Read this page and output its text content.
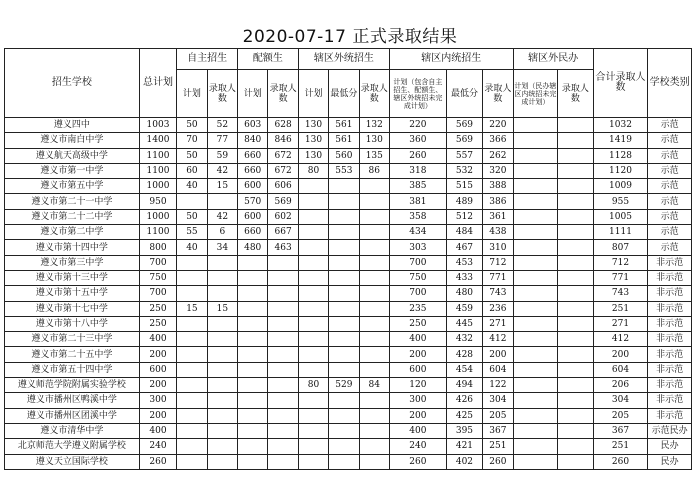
2020-07-17 正式录取结果
招生学校	总计划	自主招生		配额生		辖区外统招生			辖区内统招生			辖区外民办		合计录取人数	学校类别
		计划	录取人数	计划	录取人数	计划	最低分	录取人数	计划（包含自主招生、配额生、辖区外统招未完成计划）	最低分	录取人数	计划（民办辖区内统招未完成计划）	录取人数		
遵义四中	1003	50	52	603	628	130	561	132	220	569	220			1032	示范
遵义市南白中学	1400	70	77	840	846	130	561	130	360	569	366			1419	示范
遵义航天高级中学	1100	50	59	660	672	130	560	135	260	557	262			1128	示范
遵义市第一中学	1100	60	42	660	672	80	553	86	318	532	320			1120	示范
遵义市第五中学	1000	40	15	600	606				385	515	388			1009	示范
遵义市第二十一中学	950			570	569				381	489	386			955	示范
遵义市第二十二中学	1000	50	42	600	602				358	512	361			1005	示范
遵义市第二中学	1100	55	6	660	667				434	484	438			1111	示范
遵义市第十四中学	800	40	34	480	463				303	467	310			807	示范
遵义市第三中学	700								700	453	712			712	非示范
遵义市第十三中学	750								750	433	771			771	非示范
遵义市第十五中学	700								700	480	743			743	非示范
遵义市第十七中学	250	15	15						235	459	236			251	非示范
遵义市第十八中学	250								250	445	271			271	非示范
遵义市第二十三中学	400								400	432	412			412	非示范
遵义市第二十五中学	200								200	428	200			200	非示范
遵义市第五十四中学	600								600	454	604			604	非示范
遵义师范学院附属实验学校	200					80	529	84	120	494	122			206	非示范
遵义市播州区鸭溪中学	300								300	426	304			304	非示范
遵义市播州区团溪中学	200								200	425	205			205	非示范
遵义市清华中学	400								400	395	367			367	示范民办
北京师范大学遵义附属学校	240								240	421	251			251	民办
遵义天立国际学校	260								260	402	260			260	民办
